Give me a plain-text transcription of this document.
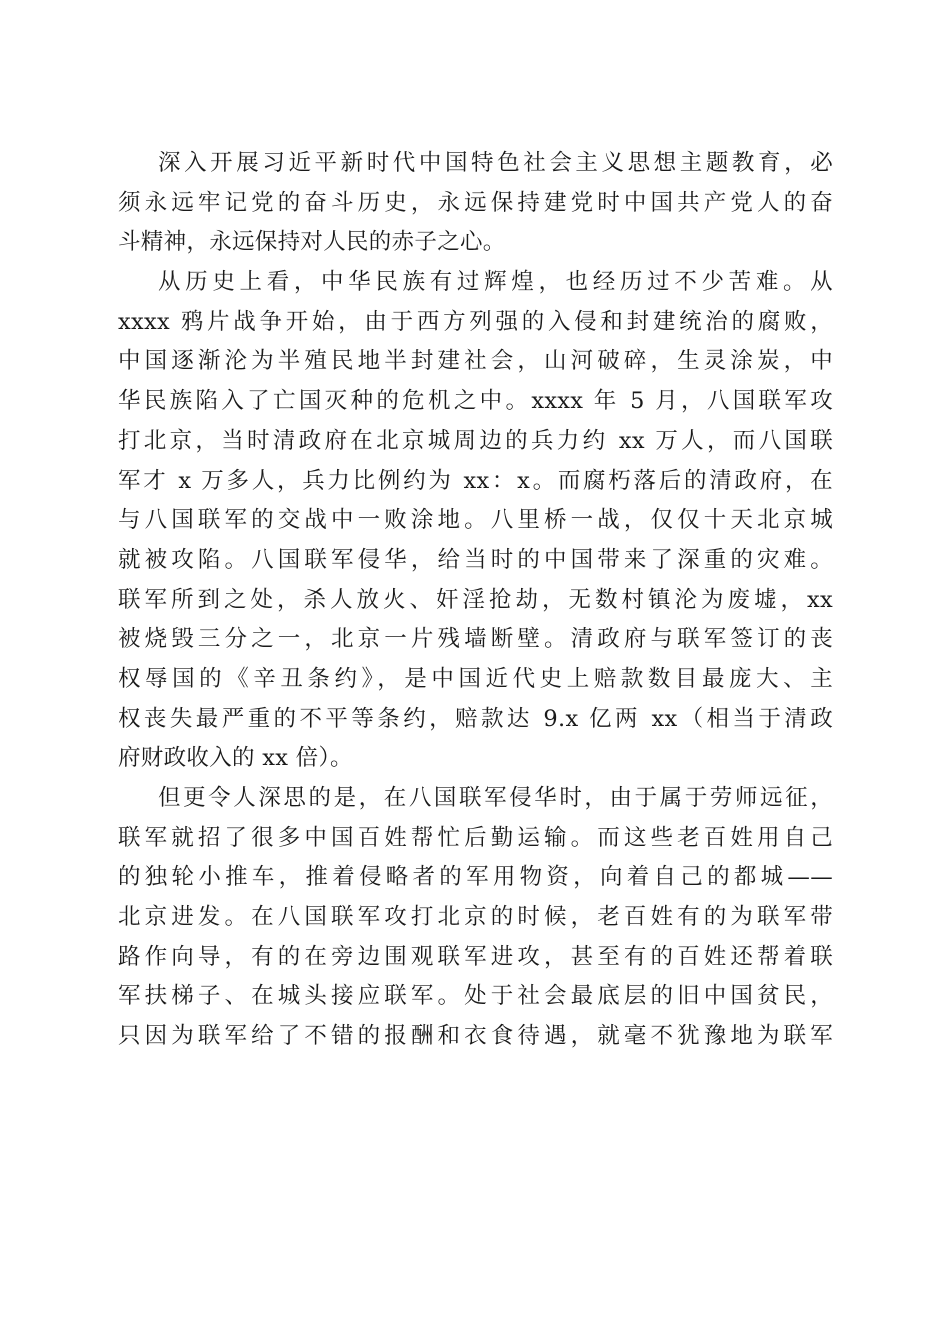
深入开展习近平新时代中国特色社会主义思想主题教育，必
须永远牢记党的奋斗历史，永远保持建党时中国共产党人的奋
斗精神，永远保持对人民的赤子之心。
从历史上看，中华民族有过辉煌，也经历过不少苦难。从
xxxx 鸦片战争开始，由于西方列强的入侵和封建统治的腐败，
中国逐渐沦为半殖民地半封建社会，山河破碎，生灵涂炭，中
华民族陷入了亡国灭种的危机之中。xxxx 年 5 月，八国联军攻
打北京，当时清政府在北京城周边的兵力约 xx 万人，而八国联
军才 x 万多人，兵力比例约为 xx：x。而腐朽落后的清政府，在
与八国联军的交战中一败涂地。八里桥一战，仅仅十天北京城
就被攻陷。八国联军侵华，给当时的中国带来了深重的灾难。
联军所到之处，杀人放火、奸淫抢劫，无数村镇沦为废墟，xx
被烧毁三分之一，北京一片残墙断壁。清政府与联军签订的丧
权辱国的《辛丑条约》，是中国近代史上赔款数目最庞大、主
权丧失最严重的不平等条约，赔款达 9.x 亿两 xx（相当于清政
府财政收入的 xx 倍）。
但更令人深思的是，在八国联军侵华时，由于属于劳师远征，
联军就招了很多中国百姓帮忙后勤运输。而这些老百姓用自己
的独轮小推车，推着侵略者的军用物资，向着自己的都城——
北京进发。在八国联军攻打北京的时候，老百姓有的为联军带
路作向导，有的在旁边围观联军进攻，甚至有的百姓还帮着联
军扶梯子、在城头接应联军。处于社会最底层的旧中国贫民，
只因为联军给了不错的报酬和衣食待遇，就毫不犹豫地为联军
